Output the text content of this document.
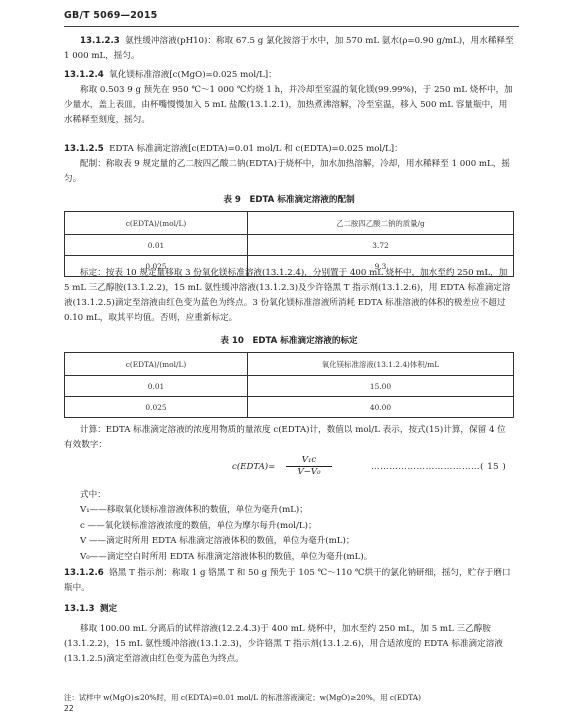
GB/T 5069—2015
13.1.2.3 氨性缓冲溶液(pH10)：称取 67.5 g 氯化铵溶于水中，加 570 mL 氨水(ρ=0.90 g/mL)，用水稀释至 1 000 mL，摇匀。
13.1.2.4 氧化镁标准溶液[c(MgO)=0.025 mol/L]：
称取 0.503 9 g 预先在 950 ℃～1 000 ℃灼烧 1 h，并冷却至室温的氧化镁(99.99%)，于 250 mL 烧杯中，加少量水，盖上表皿，由杯嘴慢慢加入 5 mL 盐酸(13.1.2.1)，加热煮沸溶解，冷至室温，移入 500 mL 容量瓶中，用水稀释至刻度，摇匀。
13.1.2.5 EDTA 标准滴定溶液[c(EDTA)=0.01 mol/L 和 c(EDTA)=0.025 mol/L]：
配制：称取表 9 规定量的乙二胺四乙酸二钠(EDTA)于烧杯中，加水加热溶解，冷却，用水稀释至 1 000 mL，摇匀。
表 9　EDTA 标准滴定溶液的配制
c(EDTA)/(mol/L)	乙二胺四乙酸二钠的质量/g
0.01	3.72
0.025	9.3
标定：按表 10 规定量移取 3 份氧化镁标准溶液(13.1.2.4)，分别置于 400 mL 烧杯中，加水至约 250 mL，加 5 mL 三乙醇胺(13.1.2.2)，15 mL 氨性缓冲溶液(13.1.2.3)及少许铬黑 T 指示剂(13.1.2.6)，用 EDTA 标准滴定溶液(13.1.2.5)滴定至溶液由红色变为蓝色为终点。3 份氧化镁标准溶液所消耗 EDTA 标准溶液的体积的极差应不超过 0.10 mL，取其平均值。否则，应重新标定。
表 10　EDTA 标准滴定溶液的标定
c(EDTA)/(mol/L)	氧化镁标准溶液(13.1.2.4)体积/mL
0.01	15.00
0.025	40.00
计算：EDTA 标准滴定溶液的浓度用物质的量浓度 c(EDTA)计，数值以 mol/L 表示，按式(15)计算，保留 4 位有效数字：
c(EDTA)= $\frac{\text{V₁c}}{\text{V−V₀}}$	………………………………( 15 )
式中：
V₁——移取氧化镁标准溶液体积的数值，单位为毫升(mL)；
c ——氧化镁标准溶液浓度的数值，单位为摩尔每升(mol/L)；
V ——滴定时所用 EDTA 标准滴定溶液体积的数值，单位为毫升(mL)；
V₀——滴定空白时所用 EDTA 标准滴定溶液体积的数值，单位为毫升(mL)。
13.1.2.6 铬黑 T 指示剂：称取 1 g 铬黑 T 和 50 g 预先于 105 ℃～110 ℃烘干的氯化钠研细，摇匀，贮存于磨口瓶中。
13.1.3 测定
移取 100.00 mL 分离后的试样溶液(12.2.4.3)于 400 mL 烧杯中，加水至约 250 mL，加 5 mL 三乙醇胺(13.1.2.2)，15 mL 氨性缓冲溶液(13.1.2.3)，少许铬黑 T 指示剂(13.1.2.6)，用合适浓度的 EDTA 标准滴定溶液(13.1.2.5)滴定至溶液由红色变为蓝色为终点。
注：试样中 w(MgO)≤20%时，用 c(EDTA)=0.01 mol/L 的标准溶液滴定；w(MgO)≥20%，用 c(EDTA)
22
